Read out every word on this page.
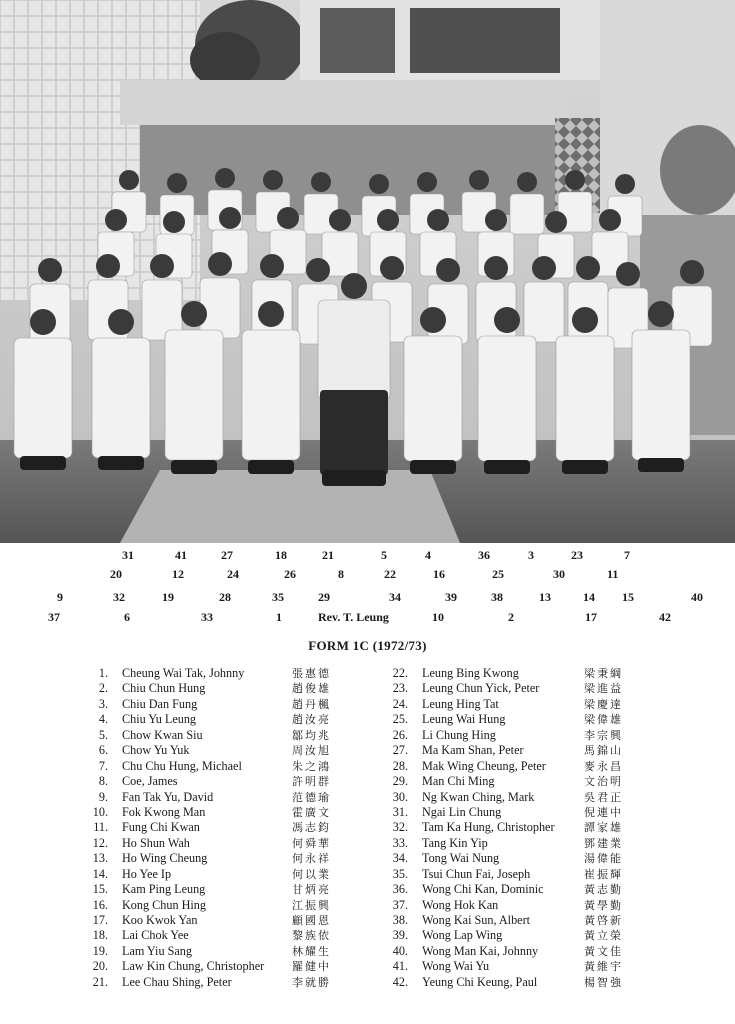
31	41	27	18	21	5	4	36	3	23	7
20	12	24	26	8	22	16	25	30	11
9	32	19	28	35	29	34	39	38	13	14 15	40
37	6	33	1	Rev. T. Leung	10	2	17	42
FORM 1C (1972/73)
1. Cheung Wai Tak, Johnny	張惠德
2. Chiu Chun Hung	趙俊雄
3. Chiu Dan Fung	趙丹楓
4. Chiu Yu Leung	趙汝亮
5. Chow Kwan Siu	鄒均兆
6. Chow Yu Yuk	周汝旭
7. Chu Chu Hung, Michael	朱之鴻
8. Coe, James	許明群
9. Fan Tak Yu, David	范德瑜
10. Fok Kwong Man	霍廣文
11. Fung Chi Kwan	馮志鈞
12. Ho Shun Wah	何舜華
13. Ho Wing Cheung	何永祥
14. Ho Yee Ip	何以業
15. Kam Ping Leung	甘炳亮
16. Kong Chun Hing	江振興
17. Koo Kwok Yan	顧國恩
18. Lai Chok Yee	黎族依
19. Lam Yiu Sang	林耀生
20. Law Kin Chung, Christopher	羅健中
21. Lee Chau Shing, Peter	李就勝
22. Leung Bing Kwong	梁秉綱
23. Leung Chun Yick, Peter	梁進益
24. Leung Hing Tat	梁慶達
25. Leung Wai Hung	梁偉雄
26. Li Chung Hing	李宗興
27. Ma Kam Shan, Peter	馬錦山
28. Mak Wing Cheung, Peter	麥永昌
29. Man Chi Ming	文治明
30. Ng Kwan Ching, Mark	吳君正
31. Ngai Lin Chung	倪連中
32. Tam Ka Hung, Christopher	譚家雄
33. Tang Kin Yip	鄧建業
34. Tong Wai Nung	湯偉能
35. Tsui Chun Fai, Joseph	崔振輝
36. Wong Chi Kan, Dominic	黃志勤
37. Wong Hok Kan	黃學勤
38. Wong Kai Sun, Albert	黃啓新
39. Wong Lap Wing	黃立榮
40. Wong Man Kai, Johnny	黃文佳
41. Wong Wai Yu	黃維宇
42. Yeung Chi Keung, Paul	楊智強
